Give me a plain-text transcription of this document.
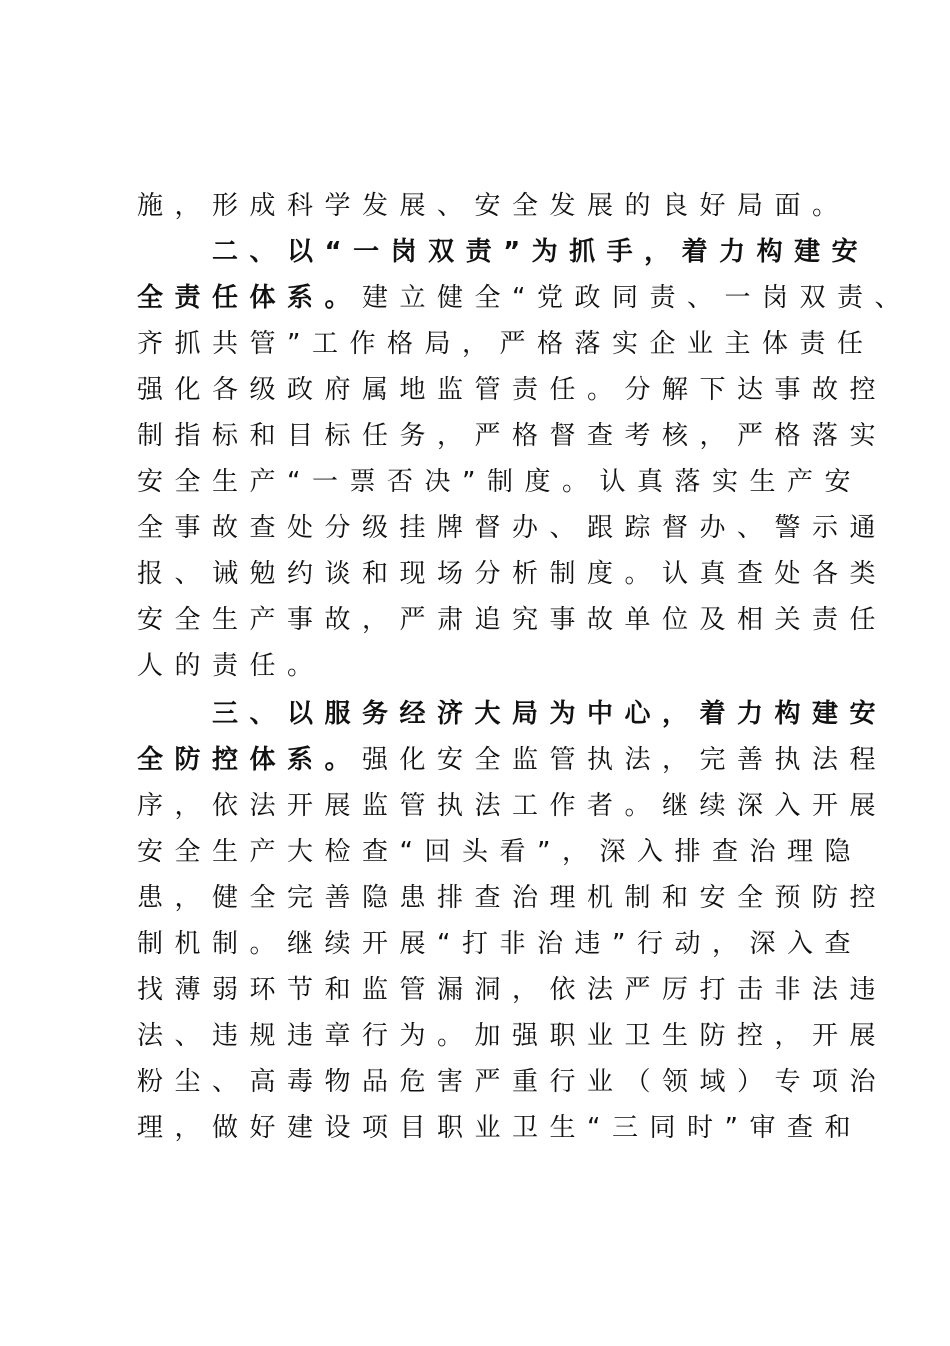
施，形成科学发展、安全发展的良好局面。
　　二、以“一岗双责”为抓手，着力构建安
全责任体系。建立健全“党政同责、一岗双责、
齐抓共管”工作格局，严格落实企业主体责任
强化各级政府属地监管责任。分解下达事故控
制指标和目标任务，严格督查考核，严格落实
安全生产“一票否决”制度。认真落实生产安
全事故查处分级挂牌督办、跟踪督办、警示通
报、诫勉约谈和现场分析制度。认真查处各类
安全生产事故，严肃追究事故单位及相关责任
人的责任。
　　三、以服务经济大局为中心，着力构建安
全防控体系。强化安全监管执法，完善执法程
序，依法开展监管执法工作者。继续深入开展
安全生产大检查“回头看”，深入排查治理隐
患，健全完善隐患排查治理机制和安全预防控
制机制。继续开展“打非治违”行动，深入查
找薄弱环节和监管漏洞，依法严厉打击非法违
法、违规违章行为。加强职业卫生防控，开展
粉尘、高毒物品危害严重行业（领域）专项治
理，做好建设项目职业卫生“三同时”审查和
